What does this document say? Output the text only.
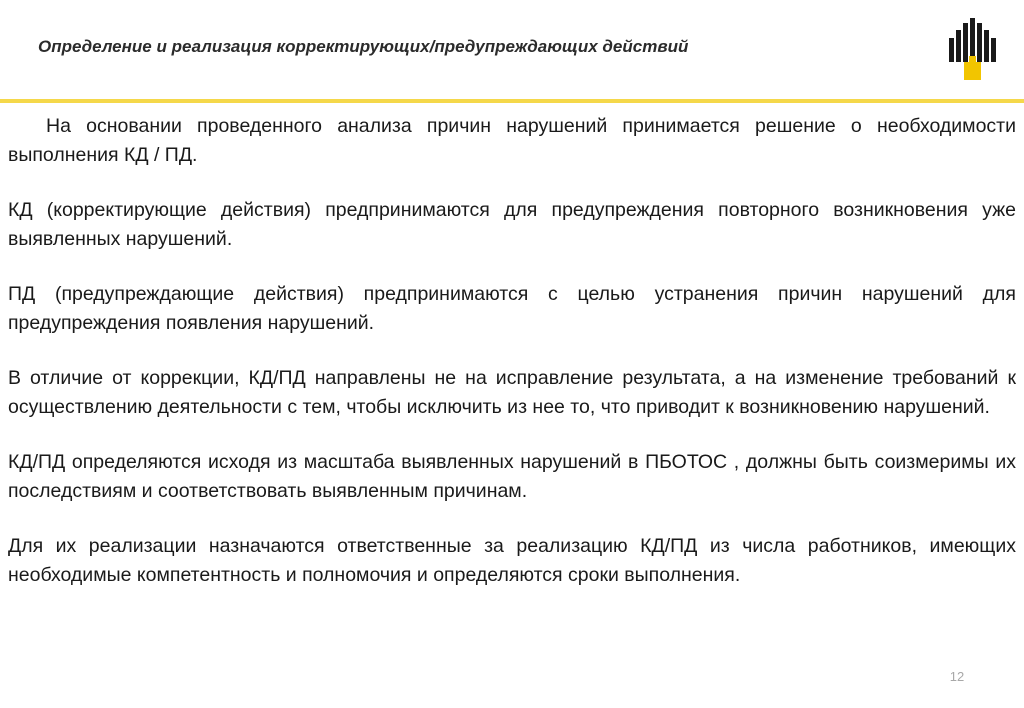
Определение и реализация корректирующих/предупреждающих действий

На основании проведенного анализа причин нарушений принимается решение о необходимости выполнения КД / ПД.

КД (корректирующие действия) предпринимаются для предупреждения повторного возникновения уже выявленных нарушений.

ПД (предупреждающие действия) предпринимаются с целью устранения причин нарушений для предупреждения появления нарушений.

В отличие от коррекции, КД/ПД направлены не на исправление результата, а на изменение требований к осуществлению деятельности с тем, чтобы исключить из нее то, что приводит к возникновению нарушений.

КД/ПД определяются исходя из масштаба выявленных нарушений в ПБОТОС , должны быть соизмеримы их последствиям и соответствовать выявленным причинам.

Для их реализации назначаются ответственные за реализацию КД/ПД из числа работников, имеющих необходимые компетентность и полномочия и определяются сроки выполнения.

12
